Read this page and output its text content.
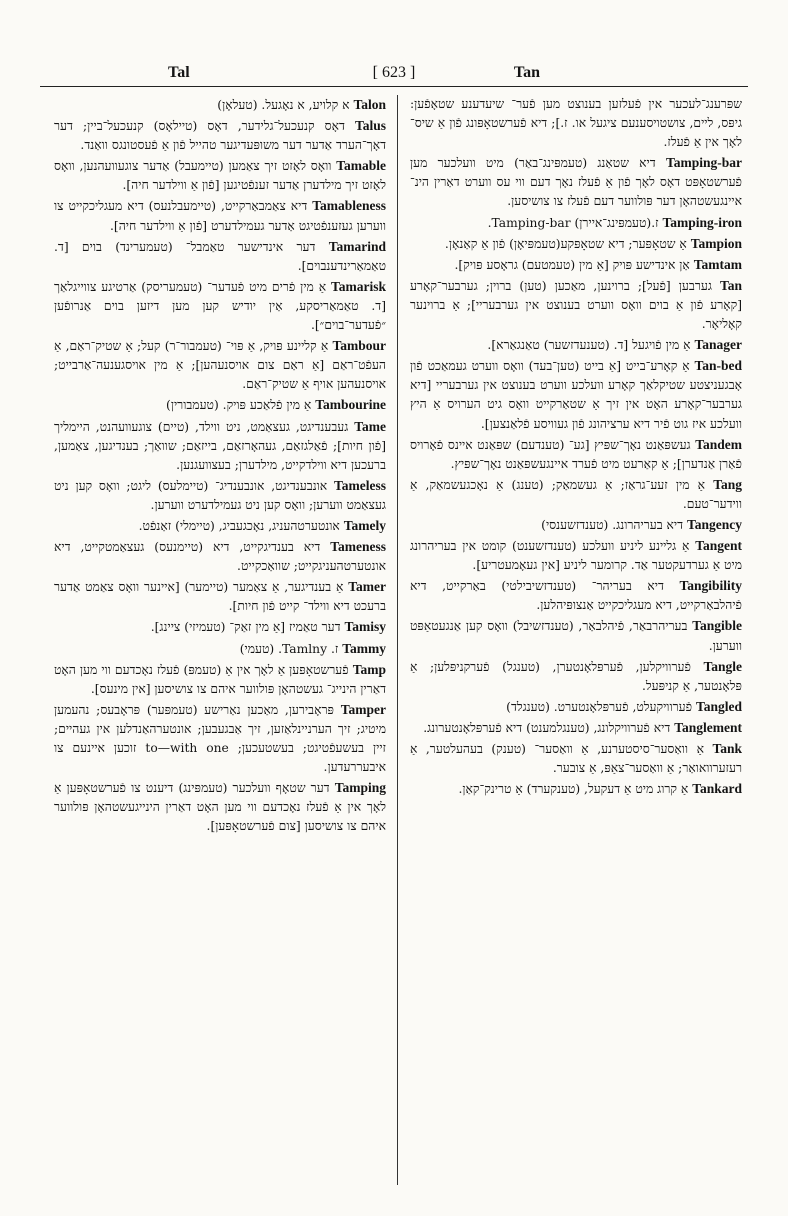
Tal	[ 623 ]	Tan

Talon א קלויע, א נאָגעל. (טעלאָן)

Talus דאָס קנעכעל־גלידער, דאָס (טיילאָס) קנעכעל־ביין; דער דאָך־הערד אַדער דער משופּעדיגער טהייל פֿון אַ פֿעסטונגס וואַנד.

Tamable וואָס לאָזט זיך צאַמען (טיימעבל) אַדער צוגעוועהנען, וואָס לאָזט זיך מילדערן אַדער זענפֿטיגען [פֿון אַ ווילדער חיה].

Tamableness דיא צאַמבאַרקייט, (טיימעבלנעס) דיא מעגליכקייט צו ווערען געזענפֿטיגט אַדער געמילדערט [פֿון אַ ווילדער חיה].

Tamarind דער אינדישער טאַמבל־ (טעמערינד) בוים [ד. טאַמאַרינדענבוים].

Tamarisk אַ מין פֿרים מיט פֿעדער־ (טעמעריסק) אַרטיגע צווייגלאַך [ד. טאַמאַריסקע, אַין יודיש קען מען דיזען בוים אַנרופֿען ״פֿעדער־בוים״].

Tambour אַ קליינע פּויק, אַ פּוי־ (טעמבור־ר) קעל; אַ שטיק־ראַם, אַ העפֿט־ראַם [אַ ראַם צום אויסנעהען]; אַ מין אויסגענעה־אַרבייט; אויסנעהען אויף אַ שטיק־ראַם.

Tambourine אַ מין פֿלאַכע פּויק. (טעמבורין)

Tame געבענדיגט, געצאַמט, ניט ווילד, (טיים) צוגעוועהנט, היימליך [פֿון חיות]; פֿאַלגזאַם, געהאָרזאַם, בייזאַם; שוואַך; בענדיגען, צאַמען, ברעכען דיא ווילדקייט, מילדערן; בעצוועגנען.

Tameless אונבענדיגט, אונבענדיג־ (טיימלעס) ליגט; וואָס קען ניט געצאַמט ווערען; וואָס קען ניט געמילדערט ווערען.

Tamely אונטערטהעניג, נאָכגעביג, (טיימלי) זאַנפֿט.

Tameness דיא בענדיגקייט, דיא (טיימנעס) געצאַמטקייט, דיא אונטערטהעניגקייט; שוואַכקייט.

Tamer אַ בענדיגער, אַ צאַמער (טיימער) [איינער וואָס צאַמט אַדער ברעכט דיא ווילד־ קייט פֿון חיות].

Tamisy דער טאַמיז [אַ מין זאַק־ (טעמיזי) ציינג].

Tammy ז. Tamlny. (טעמי)

Tamp פֿערשטאָפּען אַ לאָך אין אַ (טעמפּ) פֿעלז נאָכדעם ווי מען האָט דאַרין הינייג־ געשטהאָן פּולווער איהם צו צושיסען [אין מינעס].

Tamper פּראָבירען, מאַכען נאַרישע (טעמפּער) פּראָבעס; נהעמען מיטיג; זיך הערניינלאַזען, זיך אַבגעבען; אונטערהאַנדלען אין געהיים; זיין בעשעפֿטיגט; בעשטעכען; to—with one זוכען איינעם צו איבעררעדען.

Tamping דער שטאָף וועלכער (טעמפּינג) דיענט צו פֿערשטאָפּען אַ לאָך אין אַ פֿעלז נאָכדעם ווי מען האָט דאַרין הינייגעשטהאָן פּולווער איהם צו צושיסען [צום פֿערשטאָפּען].

שפּרענג־לעכער אין פֿעלזען בענוצט מען פֿער־ שיעדענע שטאָפֿען: גיפּס, ליים, צושטויסענעם ציגעל או. ז.]; דיא פֿערשטאָפּונג פֿון אַ שיס־ לאָך אין אַ פֿעלז.

Tamping-bar דיא שטאַנג (טעמפּינג־באַר) מיט וועלכער מען פֿערשטאָפּט דאָס לאָך פֿון אַ פֿעלז נאָך דעם ווי עס ווערט דאַרין הינ־ איינגעשטהאָן דער פּולווער דעם פֿעלז צו צושיסען.

Tamping-iron ז.(טעמפּינג־איירן) Tamping-bar.

Tampion אַ שטאָפּער; דיא שטאָפּקע(טעמפּיאָן) פֿון אַ קאַנאָן.

Tamtam אַן אינדישע פּויק [אַ מין (טעמטעם) גראָסע פּויק].

Tan גערבען [פֿעל]; ברוינען, מאַכען (טען) ברוין; גערבער־קאָרע [קאָרע פֿון אַ בוים וואָס ווערט בענוצט אין גערבעריי]; אַ ברוינער קאָליאָר.

Tanager אַ מין פֿויגעל [ד. (טענעדזשער) טאַנגאַרא].

Tan-bed אַ קאָרע־בייט [אַ בייט (טען־בעד) וואָס ווערט געמאַכט פֿון אָבגעניצטע שטיקלאַך קאָרע וועלכע ווערט בענוצט אין גערבעריי [דיא גערבער־קאָרע האָט אין זיך אַ שטאַרקייט וואָס גיט הערויס אַ היץ וועלכע איז גוט פֿיר דיא ערציהונג פֿון געוויסע פֿלאַנצען].

Tandem געשפּאַנט נאָך־שפּיץ [גע־ (טענדעם) שפּאַנט איינס פֿאָרויס פֿאַרן אַנדערן]; אַ קאַרעט מיט פֿערד איינגעשפּאַנט נאָך־שפּיץ.

Tang אַ מין זעע־גראַז; אַ געשמאַק; (טענג) אַ נאָכגעשמאַק, אַ ווידער־טעם.

Tangency דיא בעריהרונג. (טענדזשענסי)

Tangent אַ גליינע ליניע וועלכע (טענדזשענט) קומט אין בעריהרונג מיט אַ גערדעקטער אַד. קרומער ליניע [אין געאָמעטריע].

Tangibility דיא בעריהר־ (טענדזשיבילטי) באַרקייט, דיא פֿיהלבאַרקייט, דיא מעגליכקייט אַנצופּיהלען.

Tangible בעריהרבאַר, פֿיהלבאַר, (טענדזשיבל) וואָס קען אַנגעטאַפּט ווערען.

Tangle פֿערוויקלען, פֿערפּלאָנטערן, (טענגל) פֿערקניפּלען; אַ פּלאָנטער, אַ קניפּעל.

Tangled פֿערוויקעלט, פֿערפּלאָנטערט. (טענגלד)

Tanglement דיא פֿערוויקלונג, (טענגלמענט) דיא פֿערפּלאָנטערונג.

Tank אַ וואַסער־סיסטערנע, אַ וואַסער־ (טענק) בעהעלטער, אַ רעזערוואואַר; אַ וואַסער־צאַפּ, אַ צובער.

Tankard אַ קרוג מיט אַ דעקעל, (טענקערד) אַ טרינק־קאַן.
